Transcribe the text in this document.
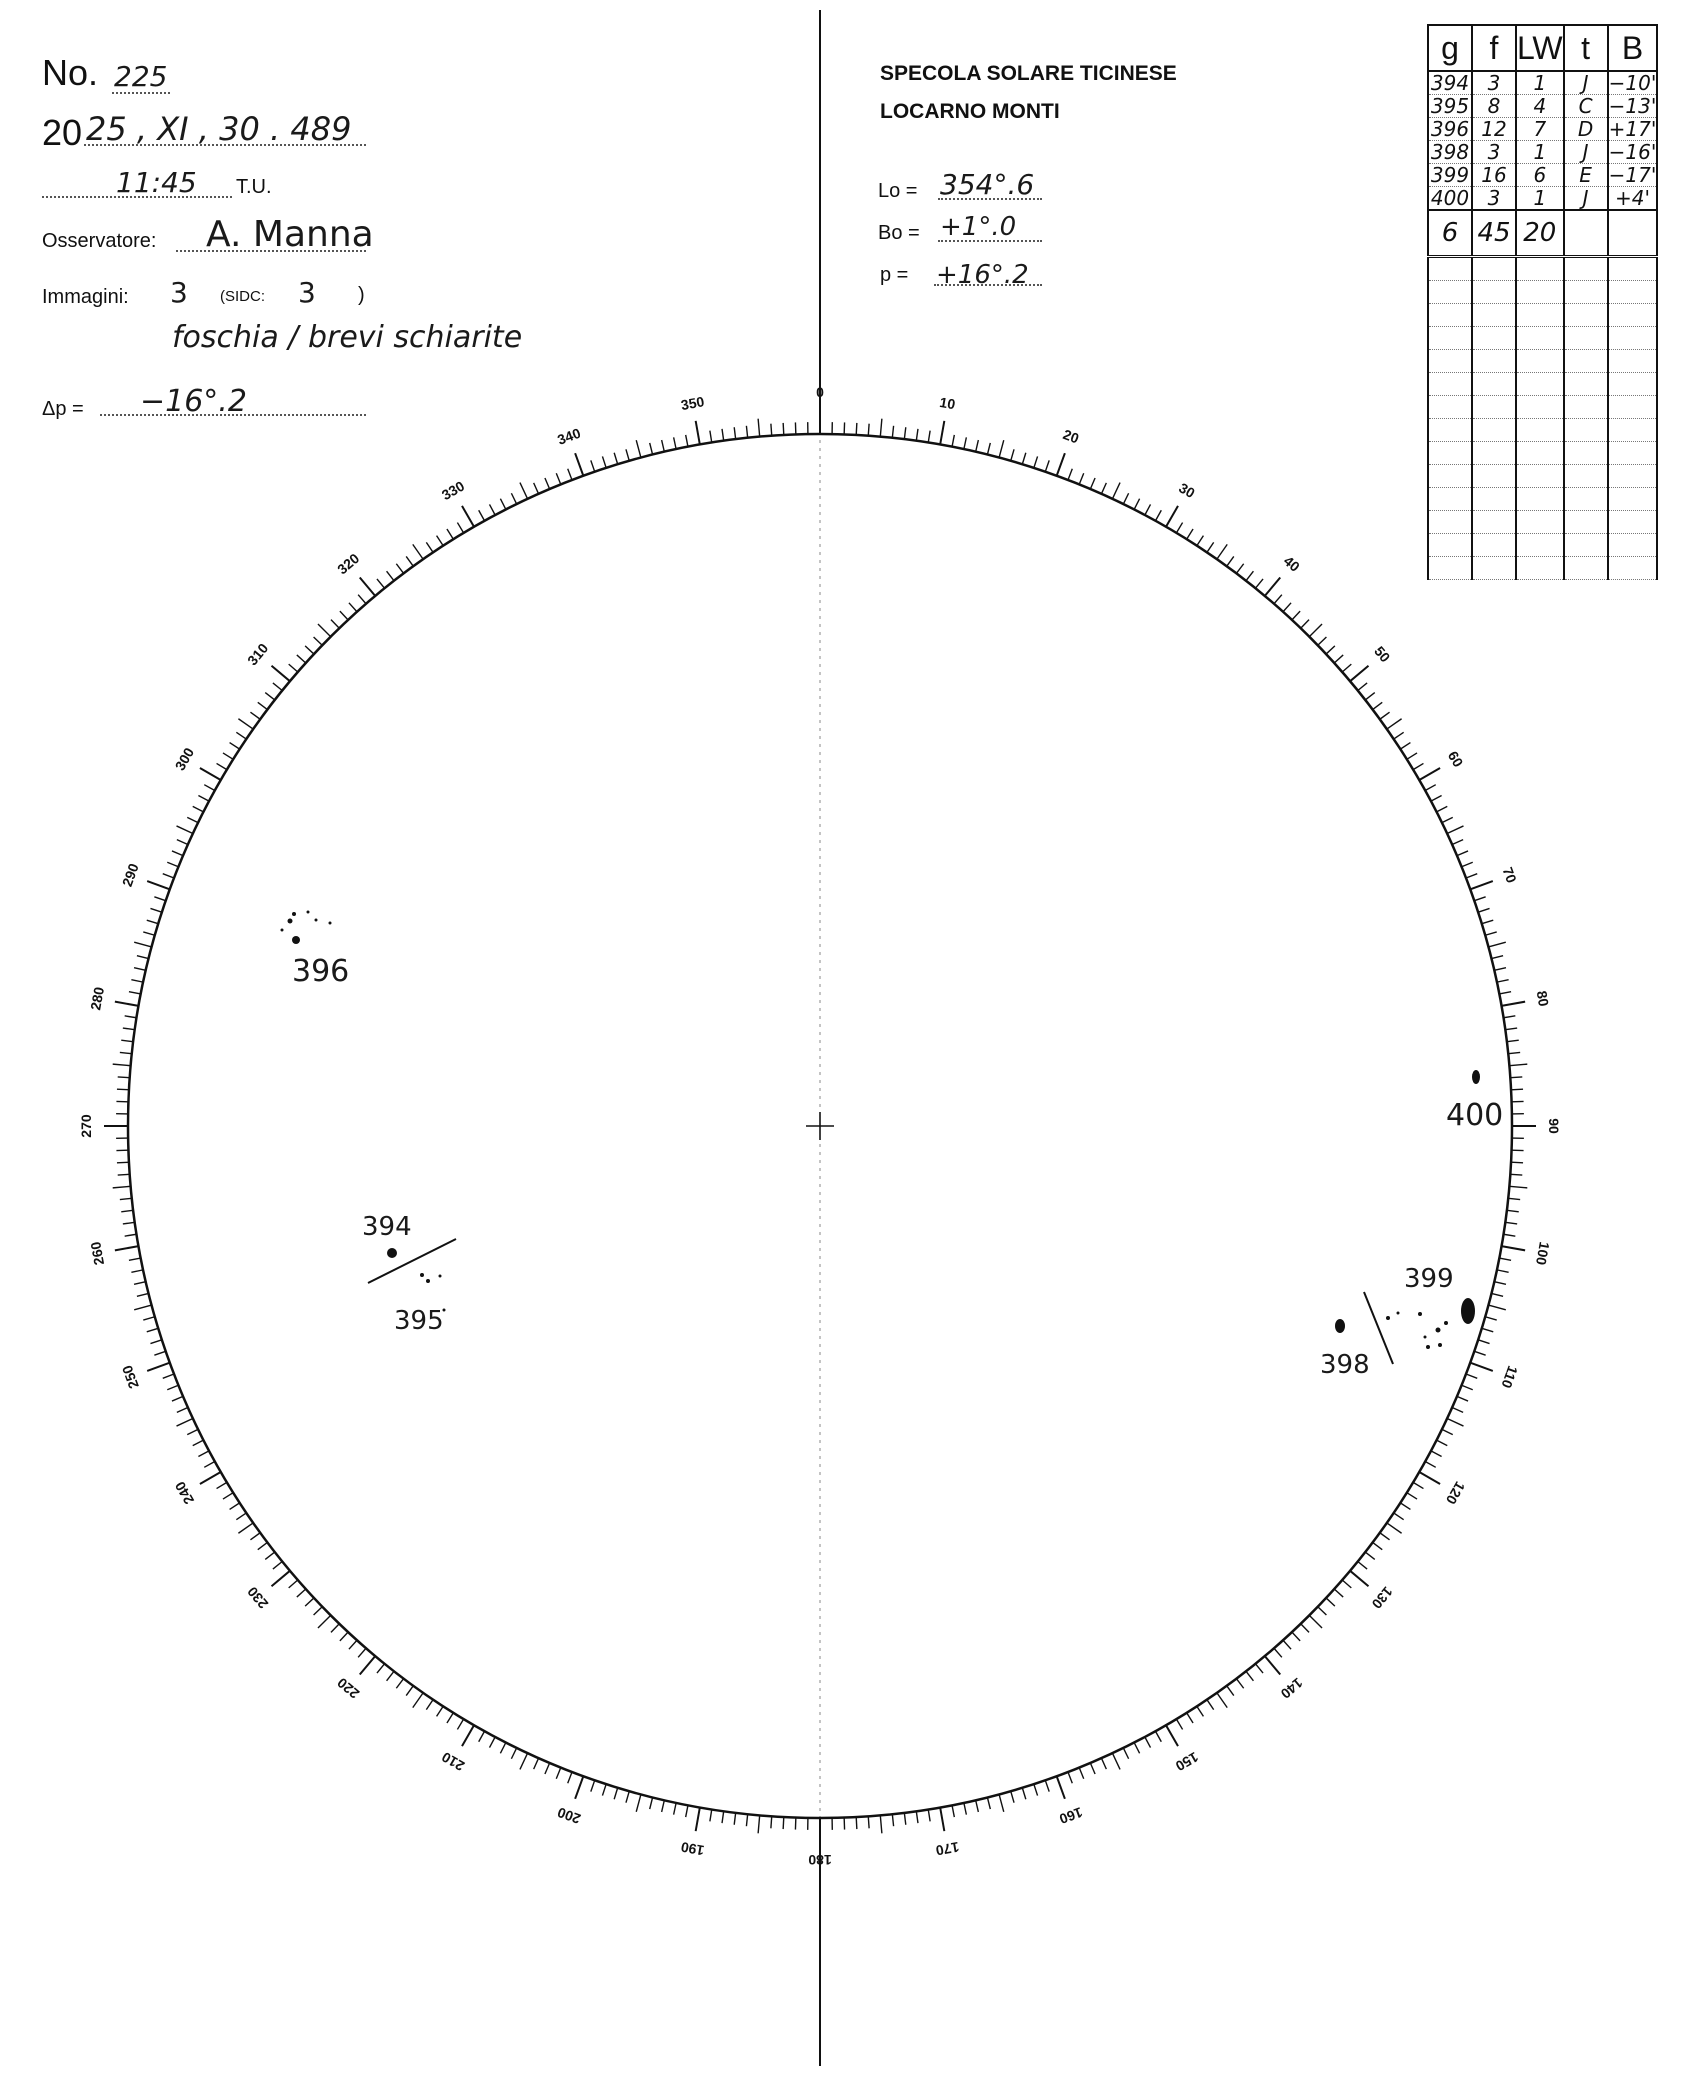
0
10
20
30
40
50
60
70
80
90
100
110
120
130
140
150
160
170
180
190
200
210
220
230
240
250
260
270
280
290
300
310
320
330
340
350
No. 225
20 25 , XI , 30 . 489
11:45 T.U.
Osservatore: A. Manna
Immagini: 3 (SIDC: 3 )
foschia / brevi schiarite
Δp = −16°.2
SPECOLA SOLARE TICINESE
LOCARNO MONTI
Lo = 354°.6
Bo = +1°.0
p = +16°.2
g	f	LW	t	B
394	3	1	J	−10'
395	8	4	C	−13'
396	12	7	D	+17'
398	3	1	J	−16'
399	16	6	E	−17'
400	3	1	J	+4'
6	45	20		

396
394
395
398
399
400
